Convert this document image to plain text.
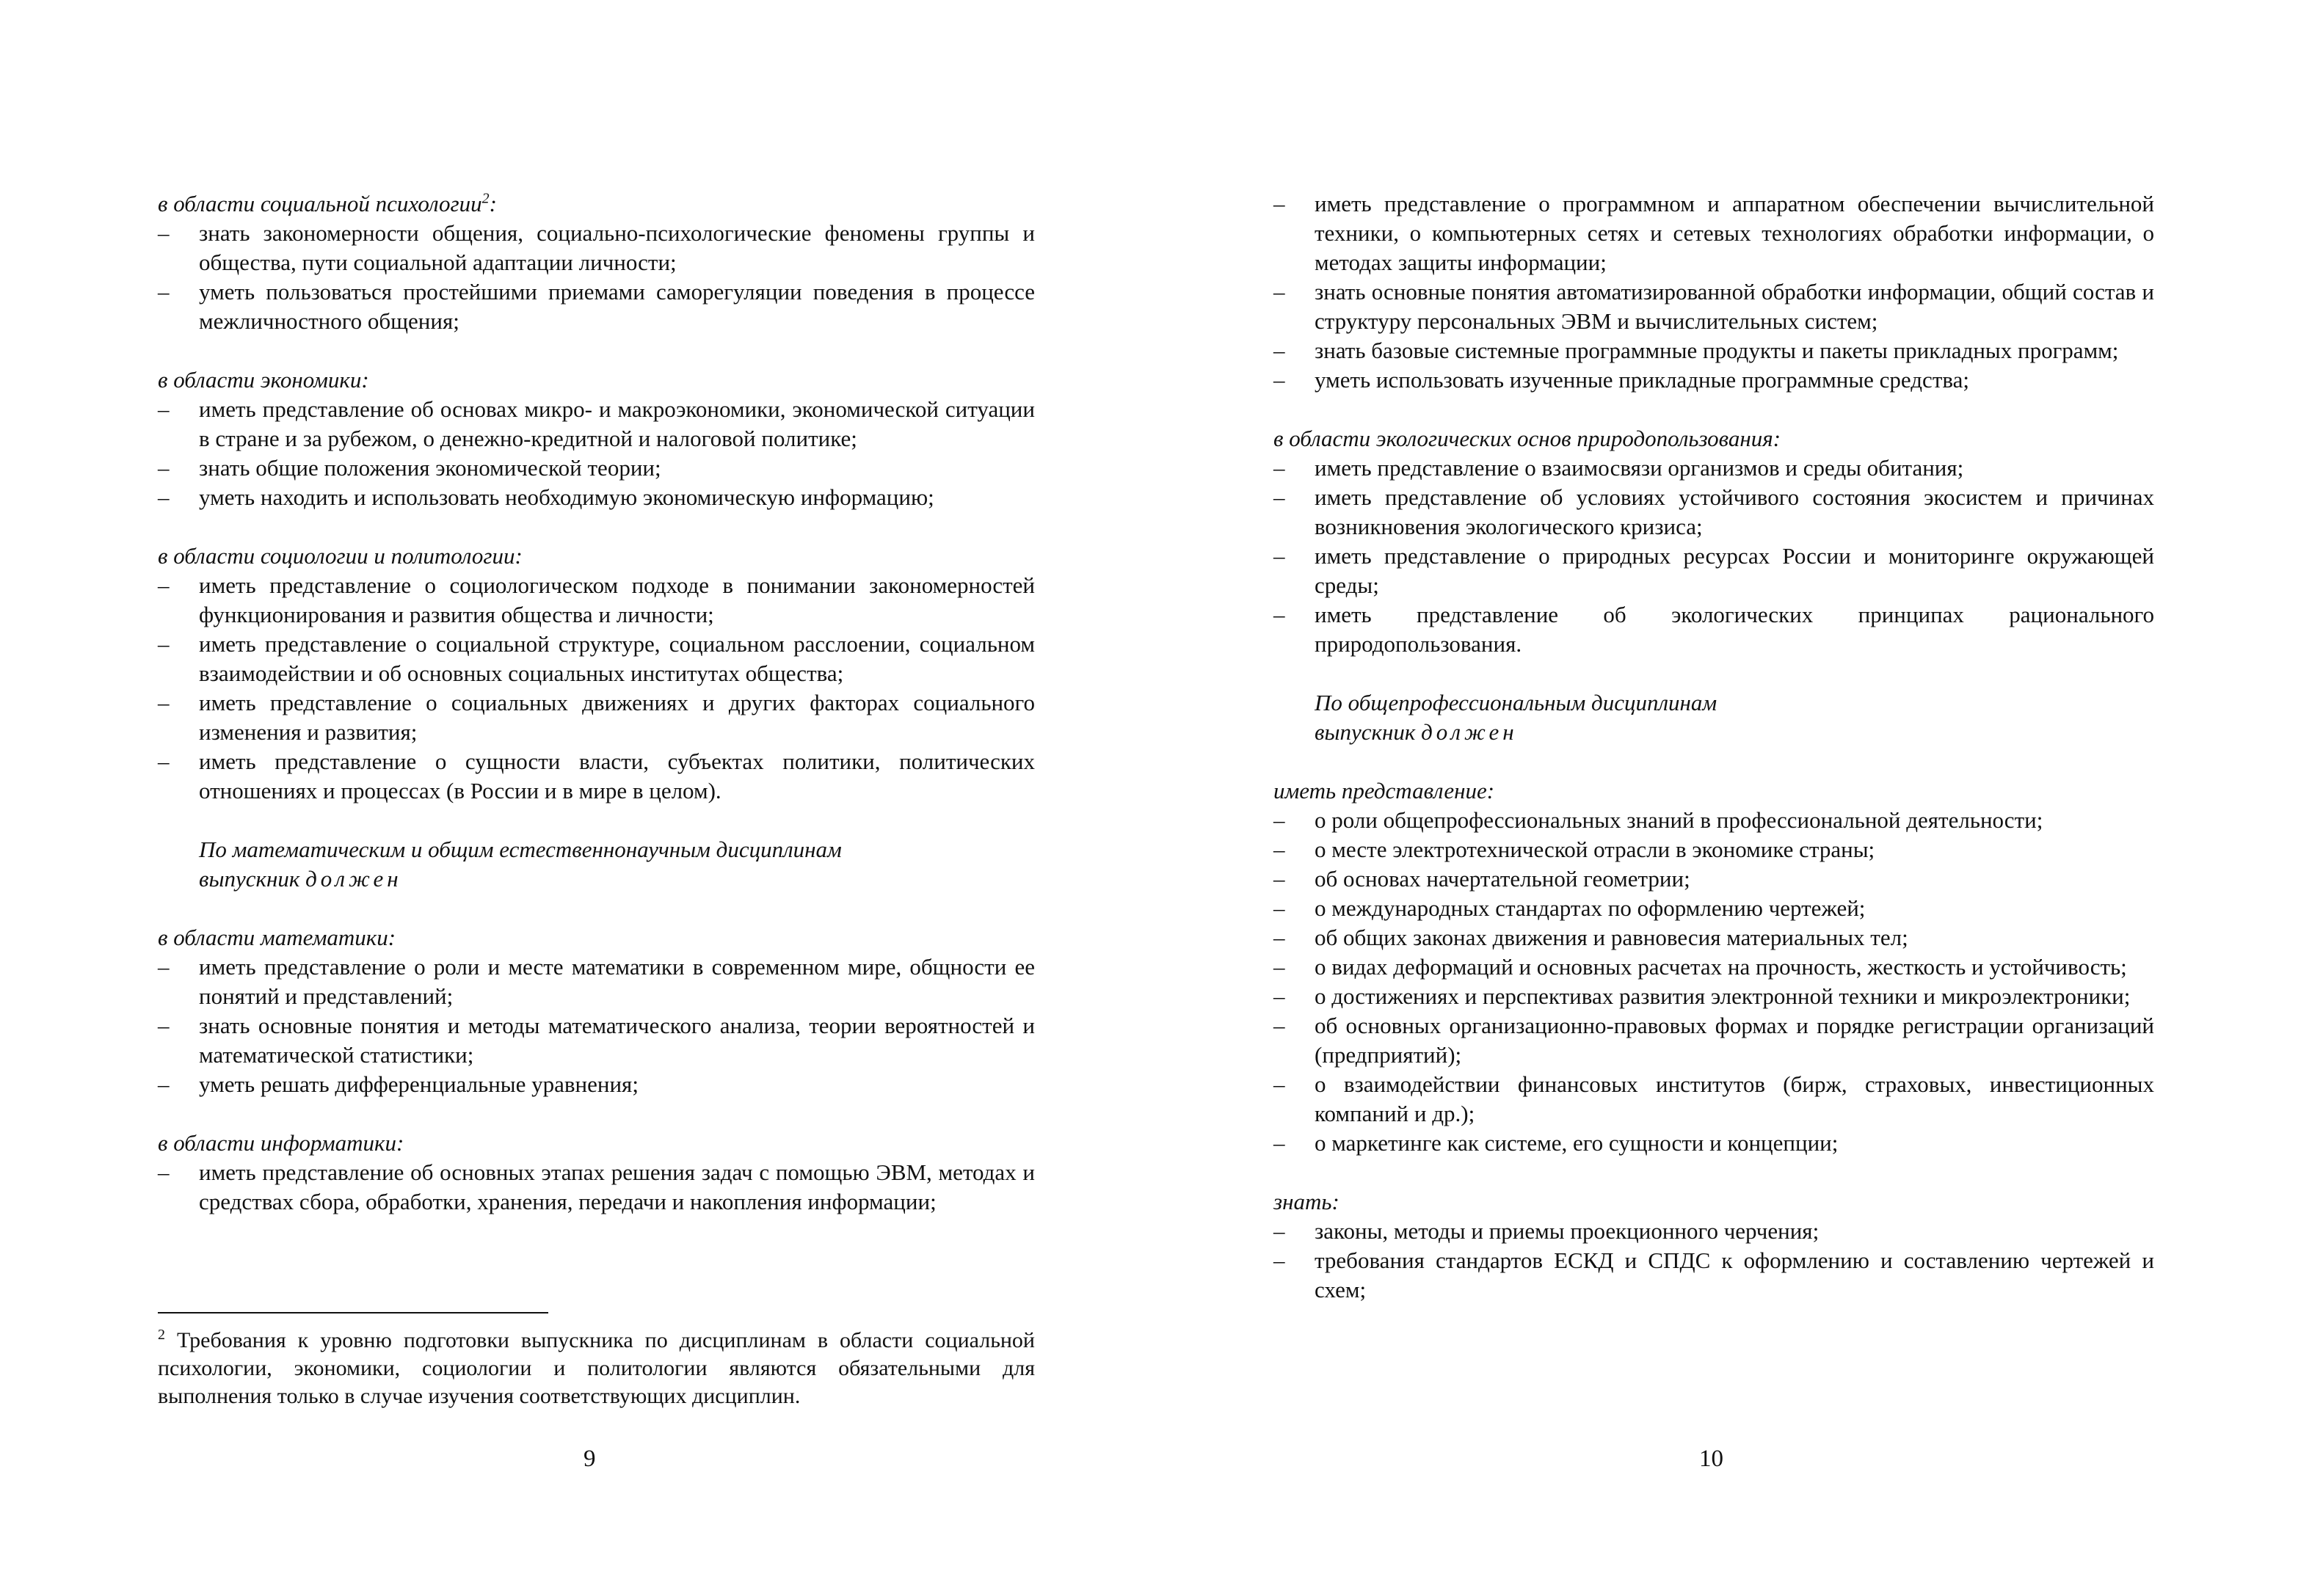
в области социальной психологии$^2$:

– знать закономерности общения, социально-психологические феномены группы и общества, пути социальной адаптации личности;
– уметь пользоваться простейшими приемами саморегуляции поведения в процессе межличностного общения;

в области экономики:

– иметь представление об основах микро- и макроэкономики, экономической ситуации в стране и за рубежом, о денежно-кредитной и налоговой политике;
– знать общие положения экономической теории;
– уметь находить и использовать необходимую экономическую информацию;

в области социологии и политологии:

– иметь представление о социологическом подходе в понимании закономерностей функционирования и развития общества и личности;
– иметь представление о социальной структуре, социальном расслоении, социальном взаимодействии и об основных социальных институтах общества;
– иметь представление о социальных движениях и других факторах социального изменения и развития;
– иметь представление о сущности власти, субъектах политики, политических отношениях и процессах (в России и в мире в целом).
По математическим и общим естественнонаучным дисциплинам
выпускник должен

в области математики:

– иметь представление о роли и месте математики в современном мире, общности ее понятий и представлений;
– знать основные понятия и методы математического анализа, теории вероятностей и математической статистики;
– уметь решать дифференциальные уравнения;

в области информатики:

– иметь представление об основных этапах решения задач с помощью ЭВМ, методах и средствах сбора, обработки, хранения, передачи и накопления информации;
$^2$ Требования к уровню подготовки выпускника по дисциплинам в области социальной психологии, экономики, социологии и политологии являются обязательными для выполнения только в случае изучения соответствующих дисциплин.
9
– иметь представление о программном и аппаратном обеспечении вычислительной техники, о компьютерных сетях и сетевых технологиях обработки информации, о методах защиты информации;
– знать основные понятия автоматизированной обработки информации, общий состав и структуру персональных ЭВМ и вычислительных систем;
– знать базовые системные программные продукты и пакеты прикладных программ;
– уметь использовать изученные прикладные программные средства;

в области экологических основ природопользования:

– иметь представление о взаимосвязи организмов и среды обитания;
– иметь представление об условиях устойчивого состояния экосистем и причинах возникновения экологического кризиса;
– иметь представление о природных ресурсах России и мониторинге окружающей среды;
– иметь представление об экологических принципах рационального природопользования.
По общепрофессиональным дисциплинам
выпускник должен

иметь представление:

– о роли общепрофессиональных знаний в профессиональной деятельности;
– о месте электротехнической отрасли в экономике страны;
– об основах начертательной геометрии;
– о международных стандартах по оформлению чертежей;
– об общих законах движения и равновесия материальных тел;
– о видах деформаций и основных расчетах на прочность, жесткость и устойчивость;
– о достижениях и перспективах развития электронной техники и микроэлектроники;
– об основных организационно-правовых формах и порядке регистрации организаций (предприятий);
– о взаимодействии финансовых институтов (бирж, страховых, инвестиционных компаний и др.);
– о маркетинге как системе, его сущности и концепции;

знать:

– законы, методы и приемы проекционного черчения;
– требования стандартов ЕСКД и СПДС к оформлению и составлению чертежей и схем;
10
